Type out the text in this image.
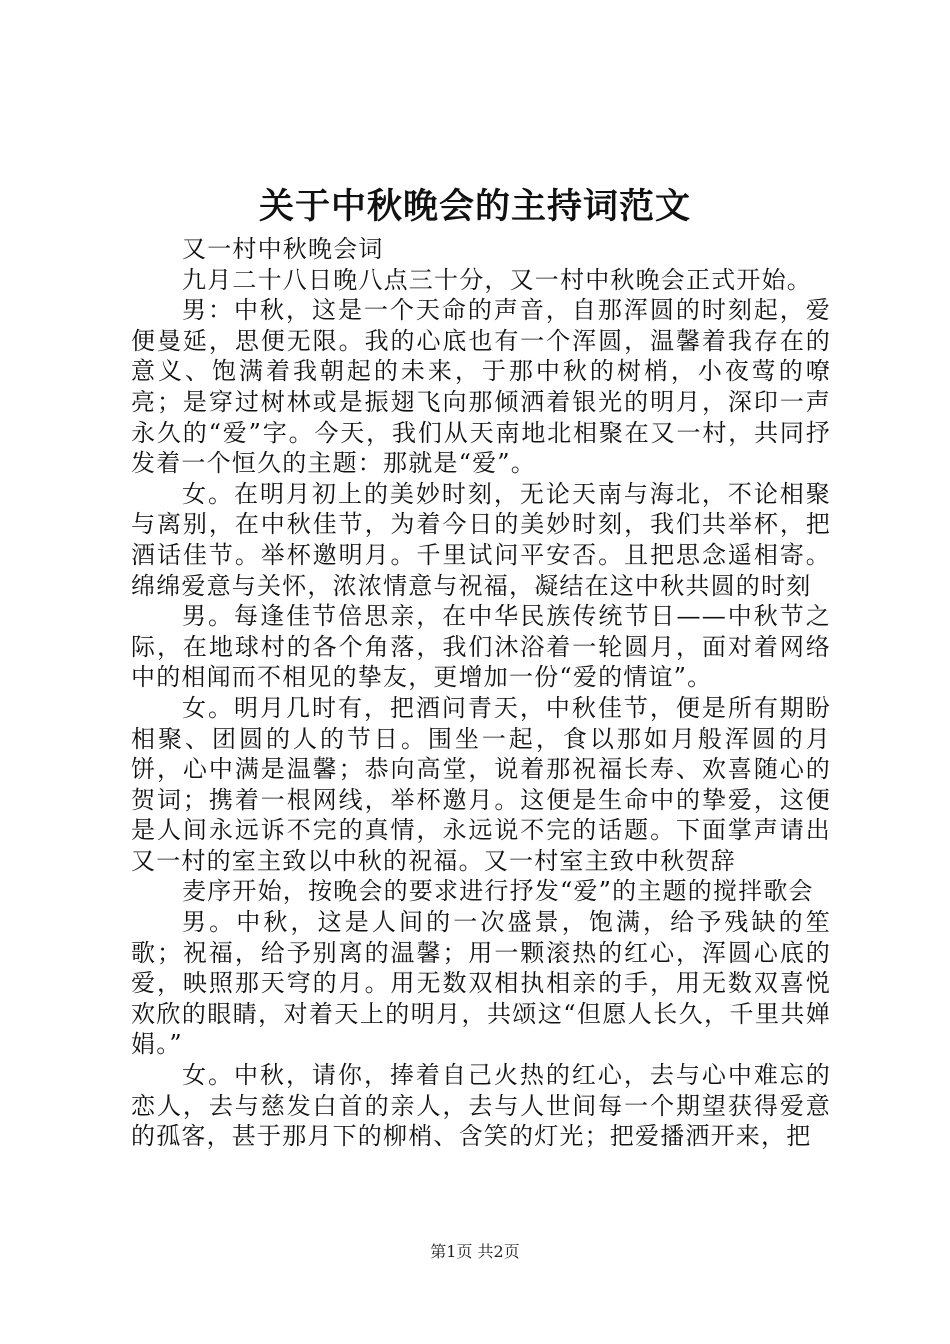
关于中秋晚会的主持词范文

又一村中秋晚会词

九月二十八日晚八点三十分，又一村中秋晚会正式开始。

男：中秋，这是一个天命的声音，自那浑圆的时刻起，爱便曼延，思便无限。我的心底也有一个浑圆，温馨着我存在的意义、饱满着我朝起的未来，于那中秋的树梢，小夜莺的嘹亮；是穿过树林或是振翅飞向那倾洒着银光的明月，深印一声永久的“爱”字。今天，我们从天南地北相聚在又一村，共同抒发着一个恒久的主题：那就是“爱”。

女。在明月初上的美妙时刻，无论天南与海北，不论相聚与离别，在中秋佳节，为着今日的美妙时刻，我们共举杯，把酒话佳节。举杯邀明月。千里试问平安否。且把思念遥相寄。绵绵爱意与关怀，浓浓情意与祝福，凝结在这中秋共圆的时刻

男。每逢佳节倍思亲，在中华民族传统节日——中秋节之际，在地球村的各个角落，我们沐浴着一轮圆月，面对着网络中的相闻而不相见的挚友，更增加一份“爱的情谊”。

女。明月几时有，把酒问青天，中秋佳节，便是所有期盼相聚、团圆的人的节日。围坐一起，食以那如月般浑圆的月饼，心中满是温馨；恭向高堂，说着那祝福长寿、欢喜随心的贺词；携着一根网线，举杯邀月。这便是生命中的挚爱，这便是人间永远诉不完的真情，永远说不完的话题。下面掌声请出又一村的室主致以中秋的祝福。又一村室主致中秋贺辞

麦序开始，按晚会的要求进行抒发“爱”的主题的搅拌歌会

男。中秋，这是人间的一次盛景，饱满，给予残缺的笙歌；祝福，给予别离的温馨；用一颗滚热的红心，浑圆心底的爱，映照那天穹的月。用无数双相执相亲的手，用无数双喜悦欢欣的眼睛，对着天上的明月，共颂这“但愿人长久，千里共婵娟。”

女。中秋，请你，捧着自己火热的红心，去与心中难忘的恋人，去与慈发白首的亲人，去与人世间每一个期望获得爱意的孤客，甚于那月下的柳梢、含笑的灯光；把爱播洒开来，把

第1页 共2页
